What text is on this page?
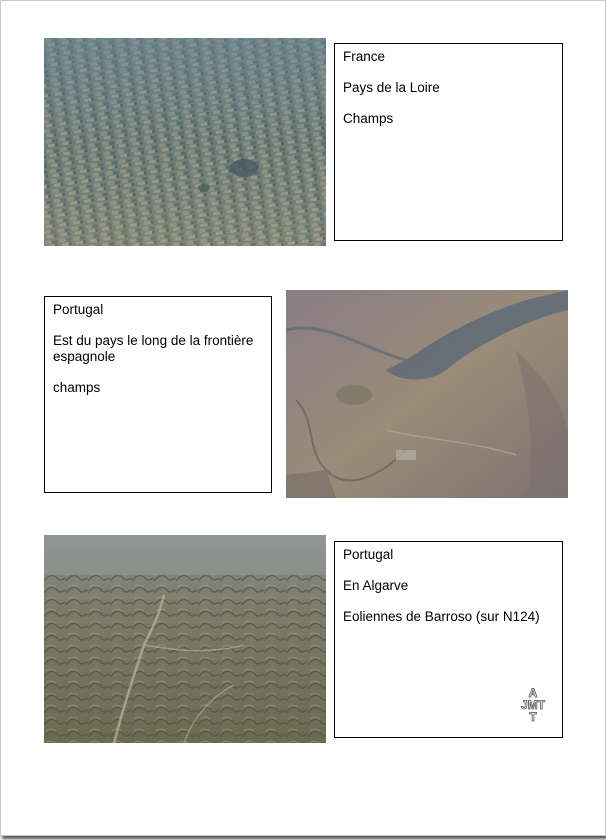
France
Pays de la Loire
Champs
Portugal
Est du pays le long de la frontière espagnole
champs
Portugal
En Algarve
Eoliennes de Barroso (sur N124)
A
JMT
T
